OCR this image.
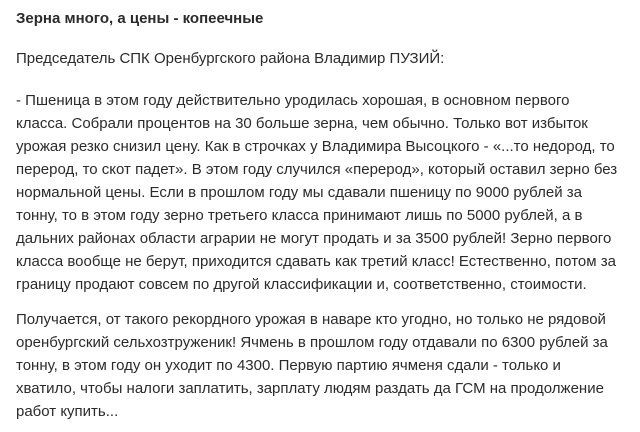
Зерна много, а цены - копеечные

Председатель СПК Оренбургского района Владимир ПУЗИЙ:

- Пшеница в этом году действительно уродилась хорошая, в основном первого класса. Собрали процентов на 30 больше зерна, чем обычно. Только вот избыток урожая резко снизил цену. Как в строчках у Владимира Высоцкого - «...то недород, то перерод, то скот падет». В этом году случился «перерод», который оставил зерно без нормальной цены. Если в прошлом году мы сдавали пшеницу по 9000 рублей за тонну, то в этом году зерно третьего класса принимают лишь по 5000 рублей, а в дальних районах области аграрии не могут продать и за 3500 рублей! Зерно первого класса вообще не берут, приходится сдавать как третий класс! Естественно, потом за границу продают совсем по другой классификации и, соответственно, стоимости.

Получается, от такого рекордного урожая в наваре кто угодно, но только не рядовой оренбургский сельхозтруженик! Ячмень в прошлом году отдавали по 6300 рублей за тонну, в этом году он уходит по 4300. Первую партию ячменя сдали - только и хватило, чтобы налоги заплатить, зарплату людям раздать да ГСМ на продолжение работ купить...
